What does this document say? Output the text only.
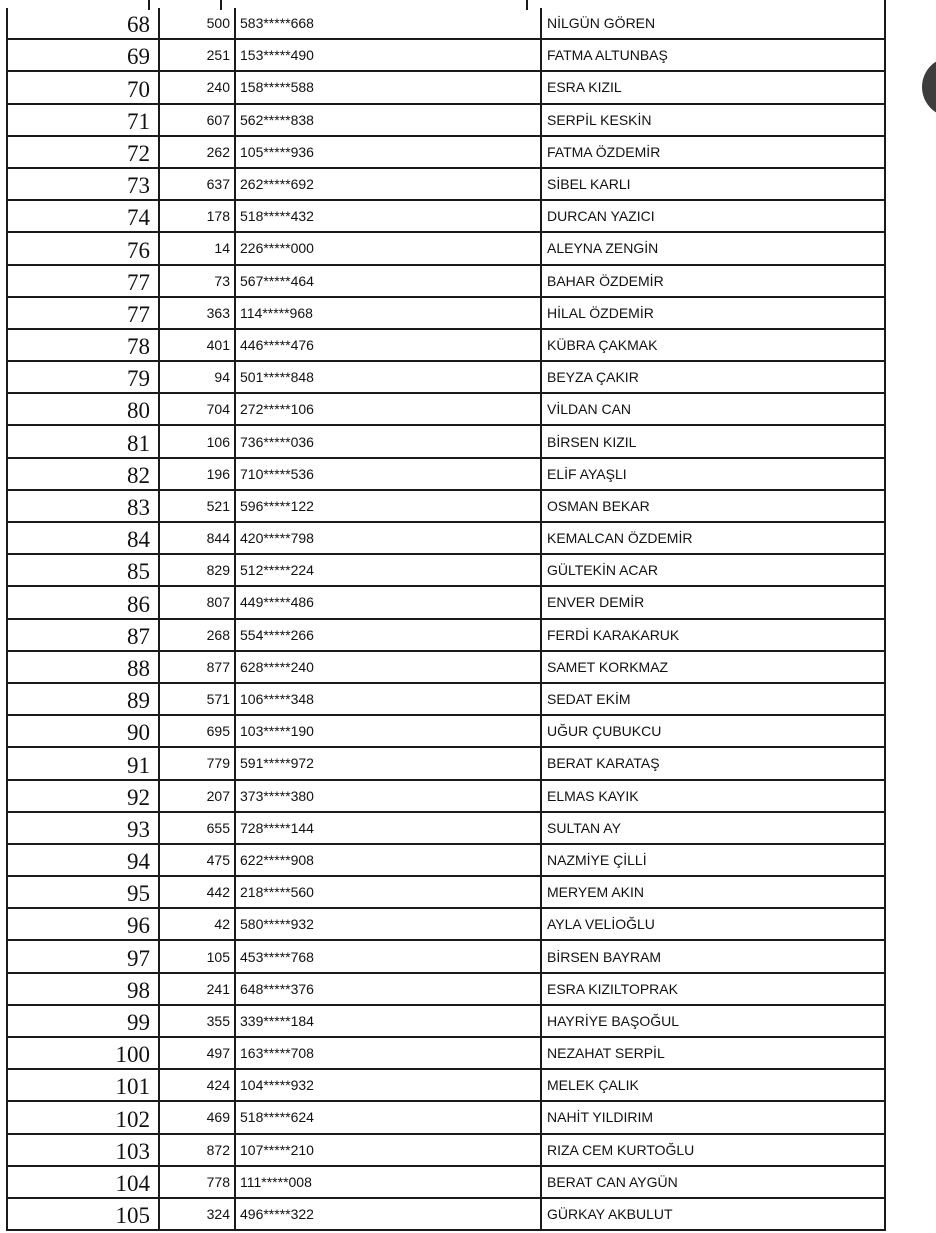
68	500	583*****668	NİLGÜN GÖREN
69	251	153*****490	FATMA ALTUNBAŞ
70	240	158*****588	ESRA KIZIL
71	607	562*****838	SERPİL KESKİN
72	262	105*****936	FATMA ÖZDEMİR
73	637	262*****692	SİBEL KARLI
74	178	518*****432	DURCAN YAZICI
76	14	226*****000	ALEYNA ZENGİN
77	73	567*****464	BAHAR ÖZDEMİR
77	363	114*****968	HİLAL ÖZDEMİR
78	401	446*****476	KÜBRA ÇAKMAK
79	94	501*****848	BEYZA ÇAKIR
80	704	272*****106	VİLDAN CAN
81	106	736*****036	BİRSEN KIZIL
82	196	710*****536	ELİF AYAŞLI
83	521	596*****122	OSMAN BEKAR
84	844	420*****798	KEMALCAN ÖZDEMİR
85	829	512*****224	GÜLTEKİN ACAR
86	807	449*****486	ENVER DEMİR
87	268	554*****266	FERDİ KARAKARUK
88	877	628*****240	SAMET KORKMAZ
89	571	106*****348	SEDAT EKİM
90	695	103*****190	UĞUR ÇUBUKCU
91	779	591*****972	BERAT KARATAŞ
92	207	373*****380	ELMAS KAYIK
93	655	728*****144	SULTAN AY
94	475	622*****908	NAZMİYE ÇİLLİ
95	442	218*****560	MERYEM AKIN
96	42	580*****932	AYLA VELİOĞLU
97	105	453*****768	BİRSEN BAYRAM
98	241	648*****376	ESRA KIZILTOPRAK
99	355	339*****184	HAYRİYE BAŞOĞUL
100	497	163*****708	NEZAHAT SERPİL
101	424	104*****932	MELEK ÇALIK
102	469	518*****624	NAHİT YILDIRIM
103	872	107*****210	RIZA CEM KURTOĞLU
104	778	111*****008	BERAT CAN AYGÜN
105	324	496*****322	GÜRKAY AKBULUT
